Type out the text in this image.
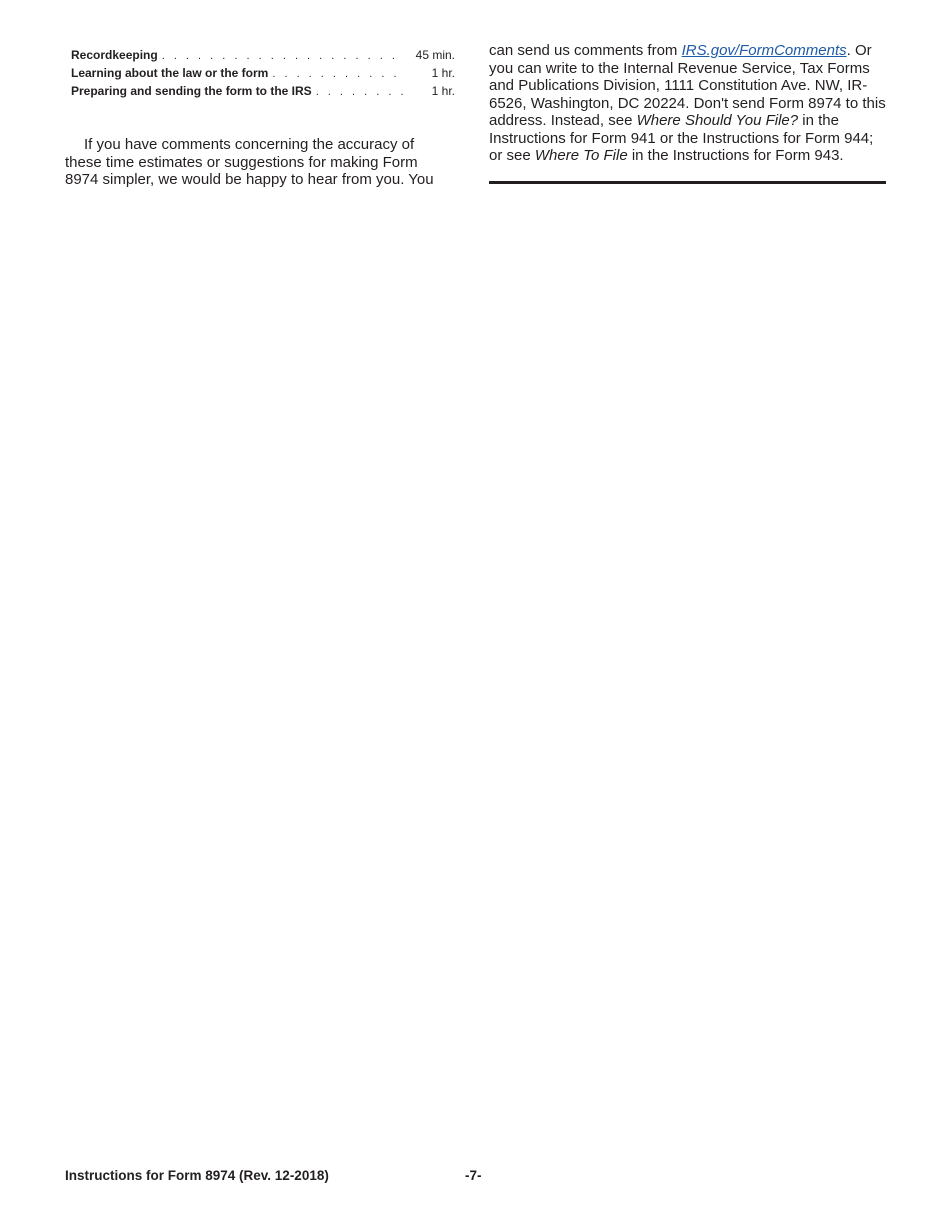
Recordkeeping . . .	45 min.
Learning about the law or the form . . .	1 hr.
Preparing and sending the form to the IRS . . .	1 hr.

If you have comments concerning the accuracy of these time estimates or suggestions for making Form 8974 simpler, we would be happy to hear from you. You

can send us comments from IRS.gov/FormComments. Or you can write to the Internal Revenue Service, Tax Forms and Publications Division, 1111 Constitution Ave. NW, IR-6526, Washington, DC 20224. Don't send Form 8974 to this address. Instead, see Where Should You File? in the Instructions for Form 941 or the Instructions for Form 944; or see Where To File in the Instructions for Form 943.

Instructions for Form 8974 (Rev. 12-2018)	-7-
